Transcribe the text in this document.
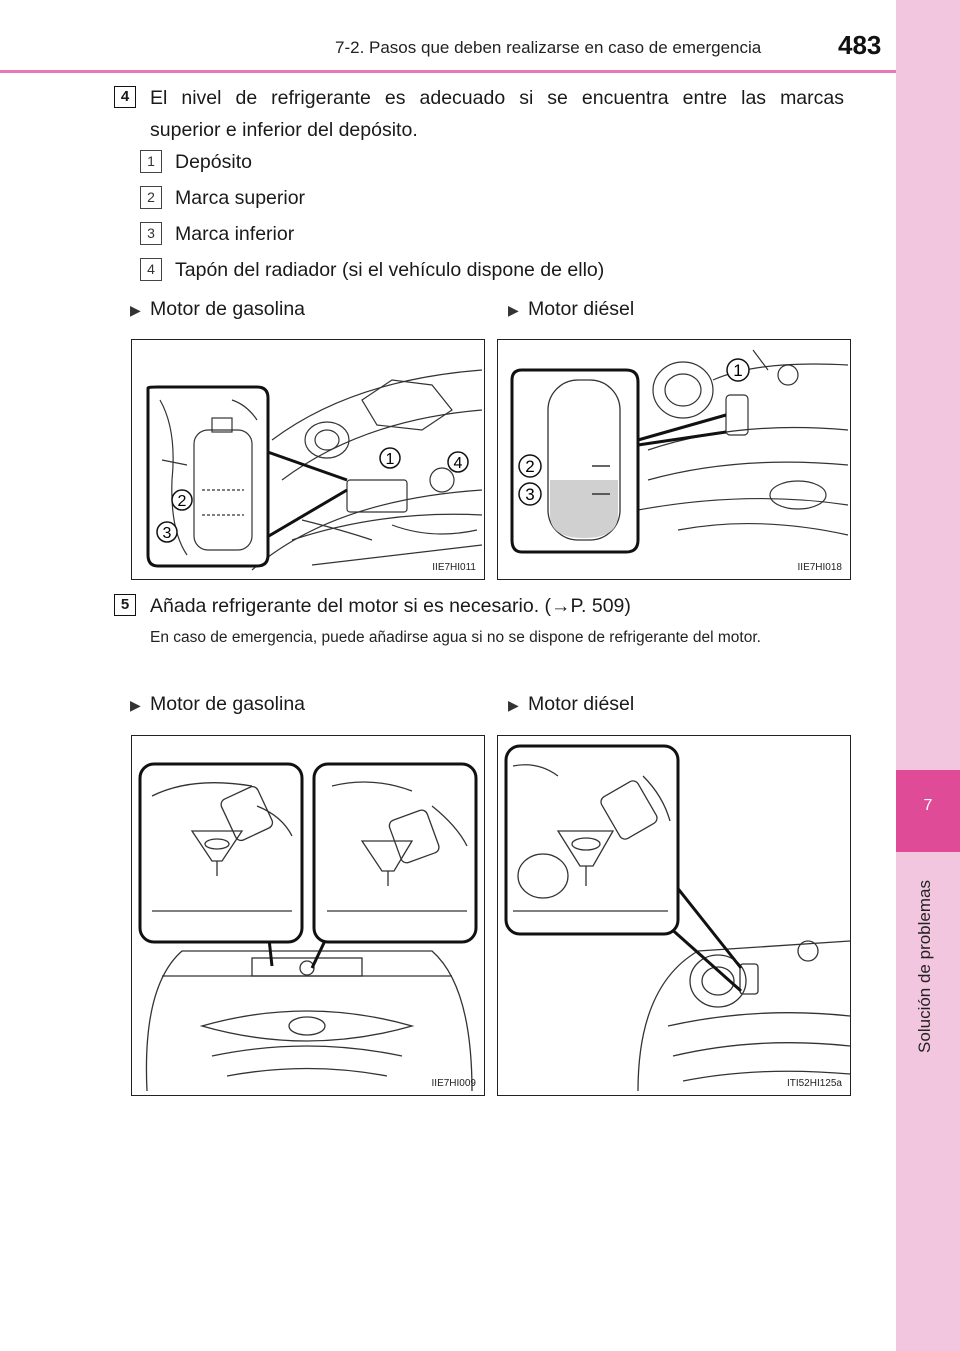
7-2. Pasos que deben realizarse en caso de emergencia	483
7
Solución de problemas
4	El nivel de refrigerante es adecuado si se encuentra entre las marcas
superior e inferior del depósito.
1	Depósito
2	Marca superior
3	Marca inferior
4	Tapón del radiador (si el vehículo dispone de ello)
▶ Motor de gasolina	▶ Motor diésel
1	4
2
3
IIE7HI011
1
2
3
IIE7HI018
5	Añada refrigerante del motor si es necesario. (→P. 509)
En caso de emergencia, puede añadirse agua si no se dispone de refrigerante del motor.
▶ Motor de gasolina	▶ Motor diésel
IIE7HI009	ITI52HI125a
